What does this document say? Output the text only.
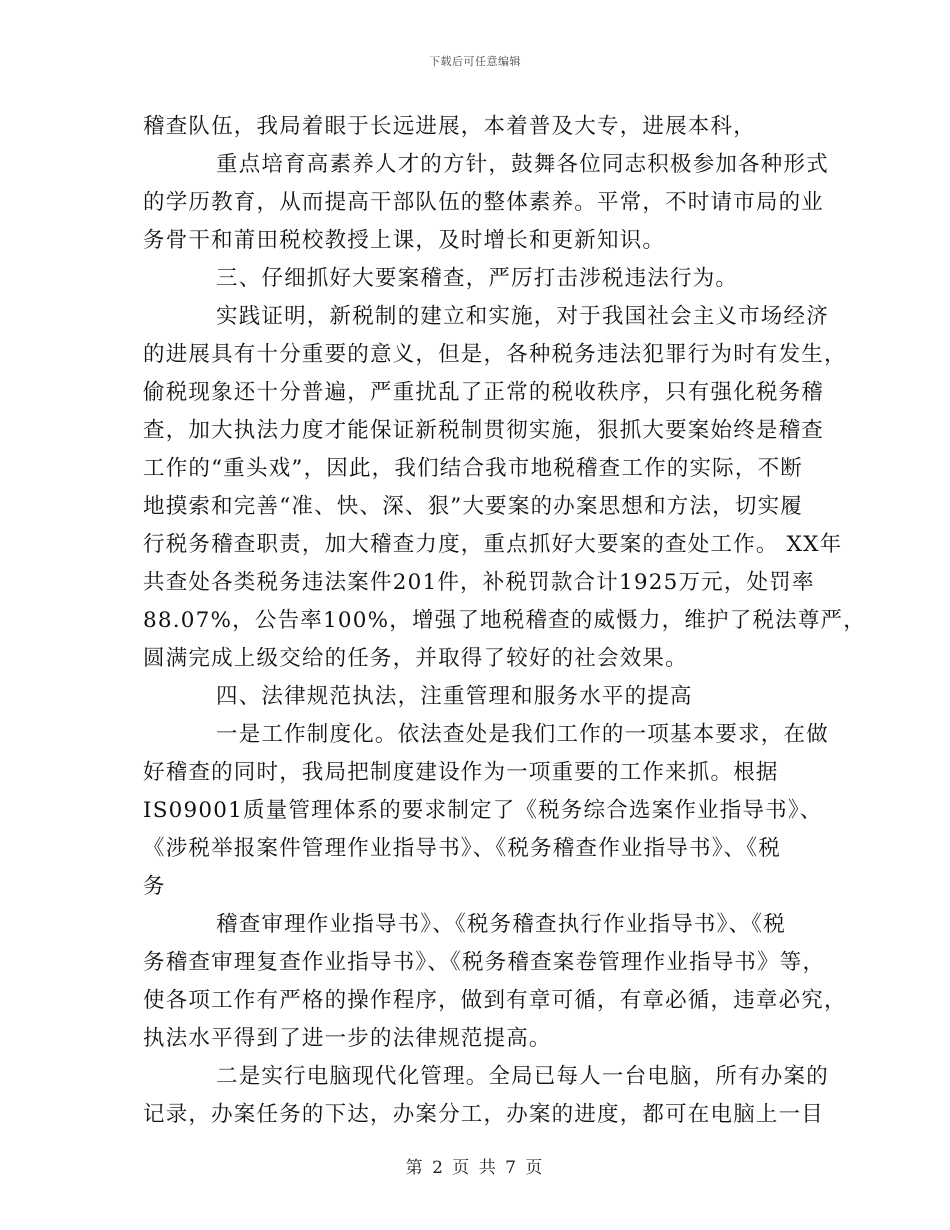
下载后可任意编辑

稽查队伍，我局着眼于长远进展，本着普及大专，进展本科，

重点培育高素养人才的方针，鼓舞各位同志积极参加各种形式

的学历教育，从而提高干部队伍的整体素养。平常，不时请市局的业

务骨干和莆田税校教授上课，及时增长和更新知识。

三、仔细抓好大要案稽查，严厉打击涉税违法行为。

实践证明，新税制的建立和实施，对于我国社会主义市场经济

的进展具有十分重要的意义，但是，各种税务违法犯罪行为时有发生，

偷税现象还十分普遍，严重扰乱了正常的税收秩序，只有强化税务稽

查，加大执法力度才能保证新税制贯彻实施，狠抓大要案始终是稽查

工作的“重头戏”，因此，我们结合我市地税稽查工作的实际，不断

地摸索和完善“准、快、深、狠”大要案的办案思想和方法，切实履

行税务稽查职责，加大稽查力度，重点抓好大要案的查处工作。 XX年

共查处各类税务违法案件201件，补税罚款合计1925万元，处罚率

88.07%，公告率100%，增强了地税稽查的威慑力，维护了税法尊严，

圆满完成上级交给的任务，并取得了较好的社会效果。

四、法律规范执法，注重管理和服务水平的提高

一是工作制度化。依法查处是我们工作的一项基本要求，在做

好稽查的同时，我局把制度建设作为一项重要的工作来抓。根据

IS09001质量管理体系的要求制定了《税务综合选案作业指导书》、

《涉税举报案件管理作业指导书》、《税务稽查作业指导书》、《税

务

稽查审理作业指导书》、《税务稽查执行作业指导书》、《税

务稽查审理复查作业指导书》、《税务稽查案卷管理作业指导书》等，

使各项工作有严格的操作程序，做到有章可循，有章必循，违章必究，

执法水平得到了进一步的法律规范提高。

二是实行电脑现代化管理。全局已每人一台电脑，所有办案的

记录，办案任务的下达，办案分工，办案的进度，都可在电脑上一目

第 2 页 共 7 页
